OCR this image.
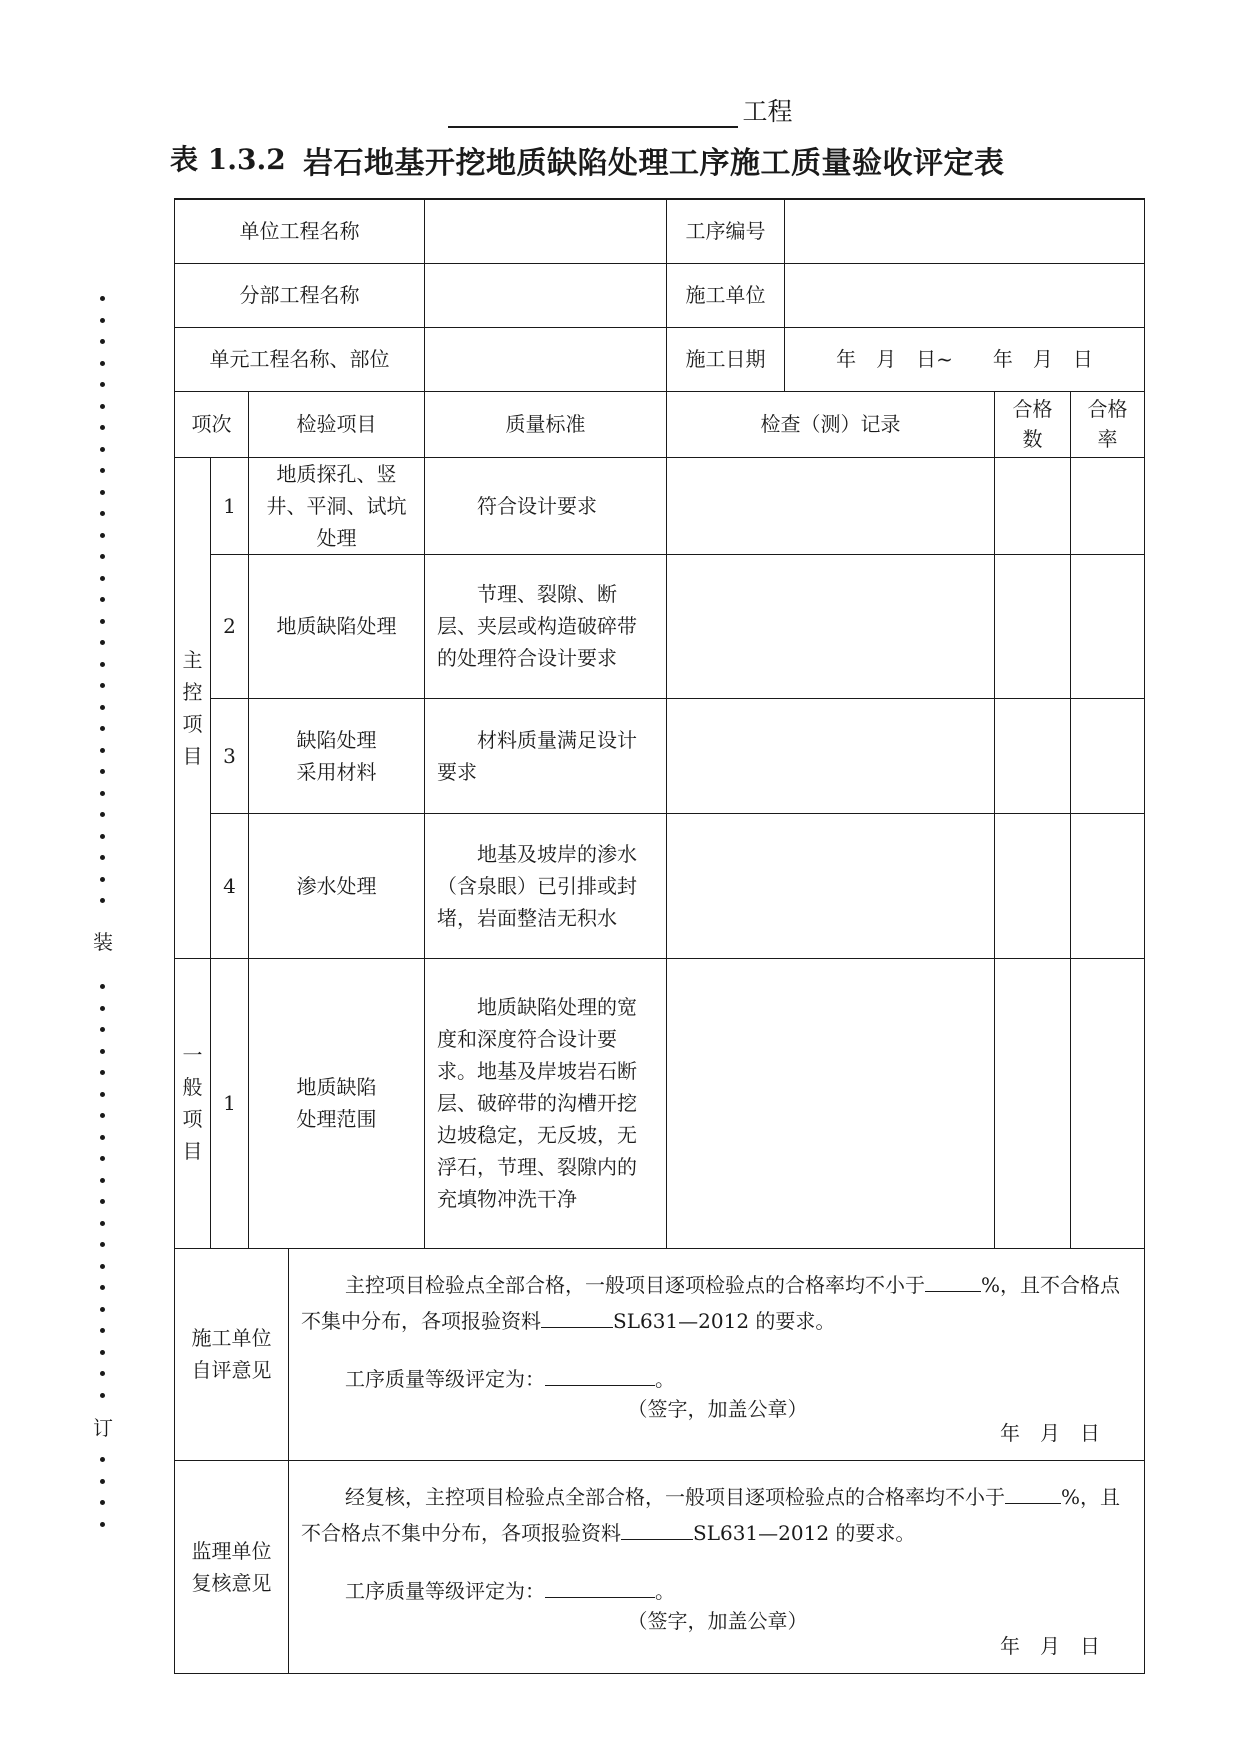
工程
表 1.3.2 岩石地基开挖地质缺陷处理工序施工质量验收评定表
装
订
单位工程名称					工序编号			
分部工程名称					施工单位			
单元工程名称、部位					施工日期	年　月　日~　　年　月　日		
项次		检验项目		质量标准	检查（测）记录		合格数	合格率

主控项目	1	地质探孔、竖井、平洞、试坑处理		符合设计要求				
	2	地质缺陷处理		节理、裂隙、断层、夹层或构造破碎带的处理符合设计要求				
	3	缺陷处理采用材料		材料质量满足设计要求				
	4	渗水处理		地基及坡岸的渗水（含泉眼）已引排或封堵，岩面整洁无积水				

一般项目	1	地质缺陷处理范围		地质缺陷处理的宽度和深度符合设计要求。地基及岸坡岩石断层、破碎带的沟槽开挖边坡稳定，无反坡，无浮石，节理、裂隙内的充填物冲洗干净				

施工单位自评意见			主控项目检验点全部合格，一般项目逐项检验点的合格率均不小于 %，且不合格点不集中分布，各项报验资料 SL631—2012 的要求。

工序质量等级评定为： 。

（签字，加盖公章）

年　月　日					

监理单位复核意见			经复核，主控项目检验点全部合格，一般项目逐项检验点的合格率均不小于 %，且不合格点不集中分布，各项报验资料 SL631—2012 的要求。

工序质量等级评定为： 。

（签字，加盖公章）

年　月　日					
